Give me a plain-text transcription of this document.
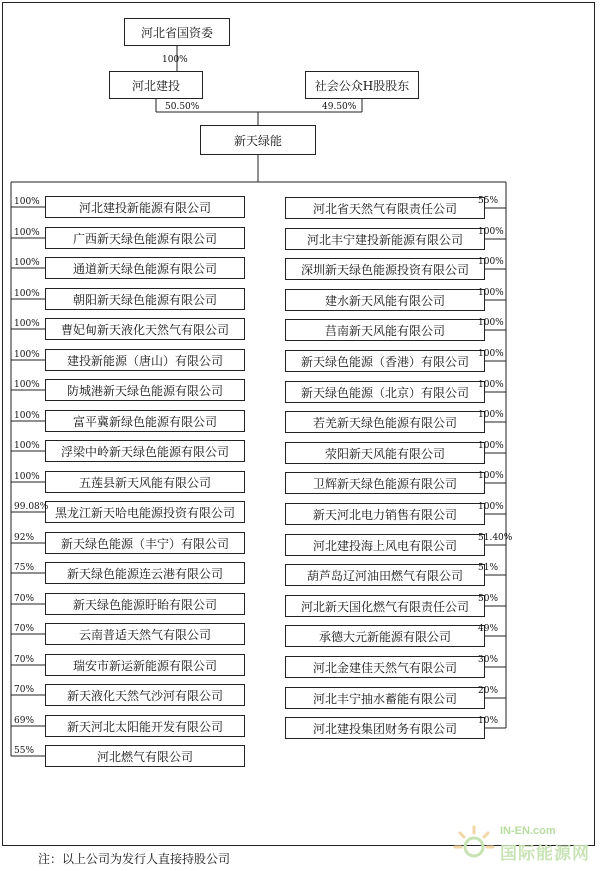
河北省国资委
100%
河北建投
50.50%
社会公众H股股东
49.50%
新天绿能
河北建投新能源有限公司
100%
广西新天绿色能源有限公司
100%
通道新天绿色能源有限公司
100%
朝阳新天绿色能源有限公司
100%
曹妃甸新天液化天然气有限公司
100%
建投新能源（唐山）有限公司
100%
防城港新天绿色能源有限公司
100%
富平冀新绿色能源有限公司
100%
浮梁中岭新天绿色能源有限公司
100%
五莲县新天风能有限公司
100%
黑龙江新天哈电能源投资有限公司
99.08%
新天绿色能源（丰宁）有限公司
92%
新天绿色能源连云港有限公司
75%
新天绿色能源盱眙有限公司
70%
云南普适天然气有限公司
70%
瑞安市新运新能源有限公司
70%
新天液化天然气沙河有限公司
70%
新天河北太阳能开发有限公司
69%
河北燃气有限公司
55%
河北省天然气有限责任公司
55%
河北丰宁建投新能源有限公司
100%
深圳新天绿色能源投资有限公司
100%
建水新天风能有限公司
100%
莒南新天风能有限公司
100%
新天绿色能源（香港）有限公司
100%
新天绿色能源（北京）有限公司
100%
若羌新天绿色能源有限公司
100%
荥阳新天风能有限公司
100%
卫辉新天绿色能源有限公司
100%
新天河北电力销售有限公司
100%
河北建投海上风电有限公司
51.40%
葫芦岛辽河油田燃气有限公司
51%
河北新天国化燃气有限责任公司
50%
承德大元新能源有限公司
49%
河北金建佳天然气有限公司
30%
河北丰宁抽水蓄能有限公司
20%
河北建投集团财务有限公司
10%
注：以上公司为发行人直接持股公司
IN-EN.com
国际能源网
